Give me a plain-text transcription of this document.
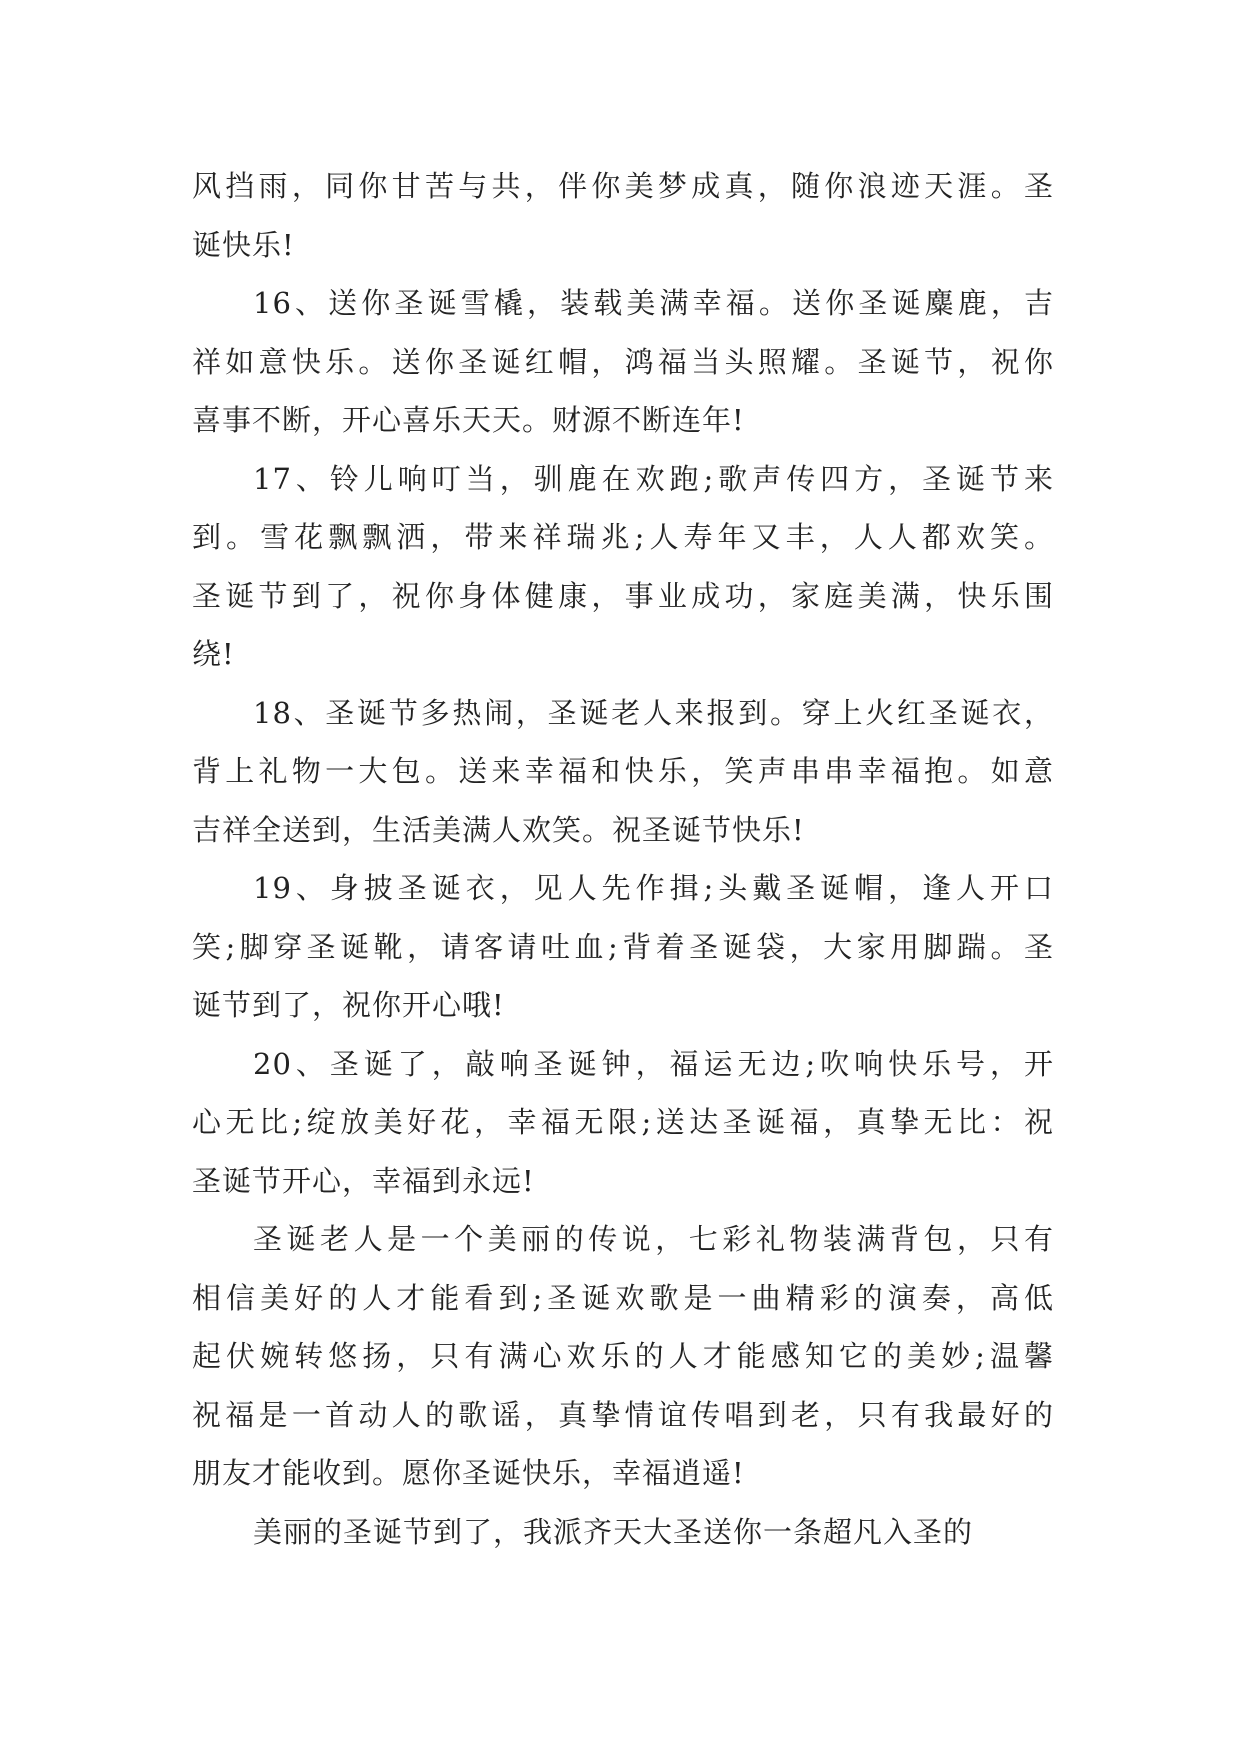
风挡雨，同你甘苦与共，伴你美梦成真，随你浪迹天涯。圣
诞快乐!
16、送你圣诞雪橇，装载美满幸福。送你圣诞麋鹿，吉
祥如意快乐。送你圣诞红帽，鸿福当头照耀。圣诞节，祝你
喜事不断，开心喜乐天天。财源不断连年!
17、铃儿响叮当，驯鹿在欢跑;歌声传四方，圣诞节来
到。雪花飘飘洒，带来祥瑞兆;人寿年又丰，人人都欢笑。
圣诞节到了，祝你身体健康，事业成功，家庭美满，快乐围
绕!
18、圣诞节多热闹，圣诞老人来报到。穿上火红圣诞衣，
背上礼物一大包。送来幸福和快乐，笑声串串幸福抱。如意
吉祥全送到，生活美满人欢笑。祝圣诞节快乐!
19、身披圣诞衣，见人先作揖;头戴圣诞帽，逢人开口
笑;脚穿圣诞靴，请客请吐血;背着圣诞袋，大家用脚踹。圣
诞节到了，祝你开心哦!
20、圣诞了，敲响圣诞钟，福运无边;吹响快乐号，开
心无比;绽放美好花，幸福无限;送达圣诞福，真挚无比：祝
圣诞节开心，幸福到永远!
圣诞老人是一个美丽的传说，七彩礼物装满背包，只有
相信美好的人才能看到;圣诞欢歌是一曲精彩的演奏，高低
起伏婉转悠扬，只有满心欢乐的人才能感知它的美妙;温馨
祝福是一首动人的歌谣，真挚情谊传唱到老，只有我最好的
朋友才能收到。愿你圣诞快乐，幸福逍遥!
美丽的圣诞节到了，我派齐天大圣送你一条超凡入圣的
